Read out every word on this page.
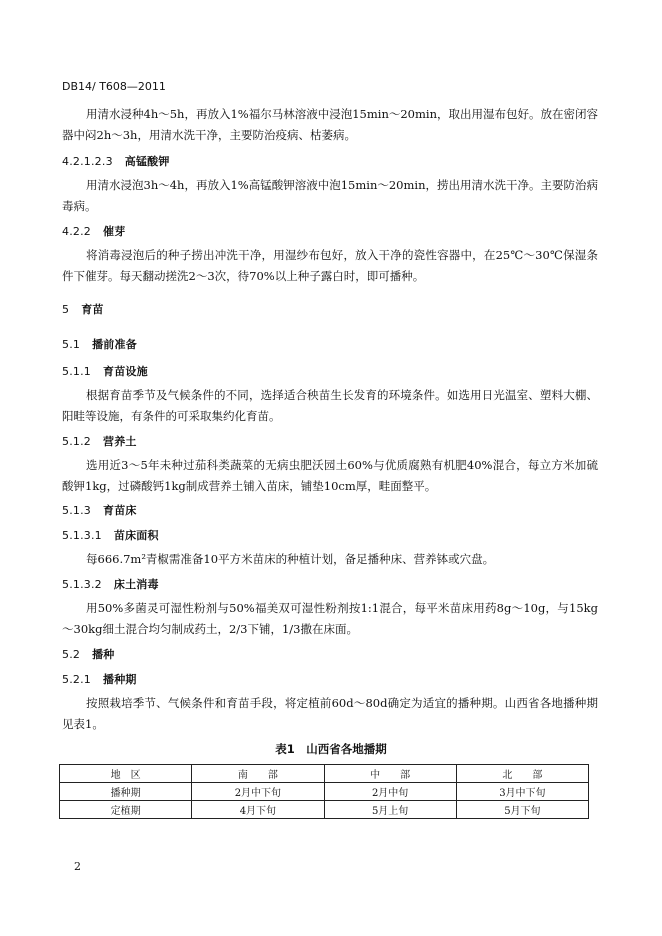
DB14/ T608—2011

用清水浸种4h～5h，再放入1%福尔马林溶液中浸泡15min～20min，取出用湿布包好。放在密闭容器中闷2h～3h，用清水洗干净，主要防治疫病、枯萎病。

4.2.1.2.3 高锰酸钾

用清水浸泡3h～4h，再放入1%高锰酸钾溶液中泡15min～20min，捞出用清水洗干净。主要防治病毒病。

4.2.2 催芽

将消毒浸泡后的种子捞出冲洗干净，用湿纱布包好，放入干净的瓷性容器中，在25℃～30℃保湿条件下催芽。每天翻动搓洗2～3次，待70%以上种子露白时，即可播种。

5 育苗

5.1 播前准备

5.1.1 育苗设施

根据育苗季节及气候条件的不同，选择适合秧苗生长发育的环境条件。如选用日光温室、塑料大棚、阳畦等设施，有条件的可采取集约化育苗。

5.1.2 营养土

选用近3～5年未种过茄科类蔬菜的无病虫肥沃园土60%与优质腐熟有机肥40%混合，每立方米加硫酸钾1kg，过磷酸钙1kg制成营养土铺入苗床，铺垫10cm厚，畦面整平。

5.1.3 育苗床

5.1.3.1 苗床面积

每666.7m²青椒需准备10平方米苗床的种植计划，备足播种床、营养钵或穴盘。

5.1.3.2 床土消毒

用50%多菌灵可湿性粉剂与50%福美双可湿性粉剂按1:1混合，每平米苗床用药8g～10g，与15kg～30kg细土混合均匀制成药土，2/3下铺，1/3撒在床面。

5.2 播种

5.2.1 播种期

按照栽培季节、气候条件和育苗手段，将定植前60d～80d确定为适宜的播种期。山西省各地播种期见表1。

表1　山西省各地播期
地　区	南　　部	中　　部	北　　部
播种期	2月中下旬	2月中旬	3月中下旬
定植期	4月下旬	5月上旬	5月下旬
2
